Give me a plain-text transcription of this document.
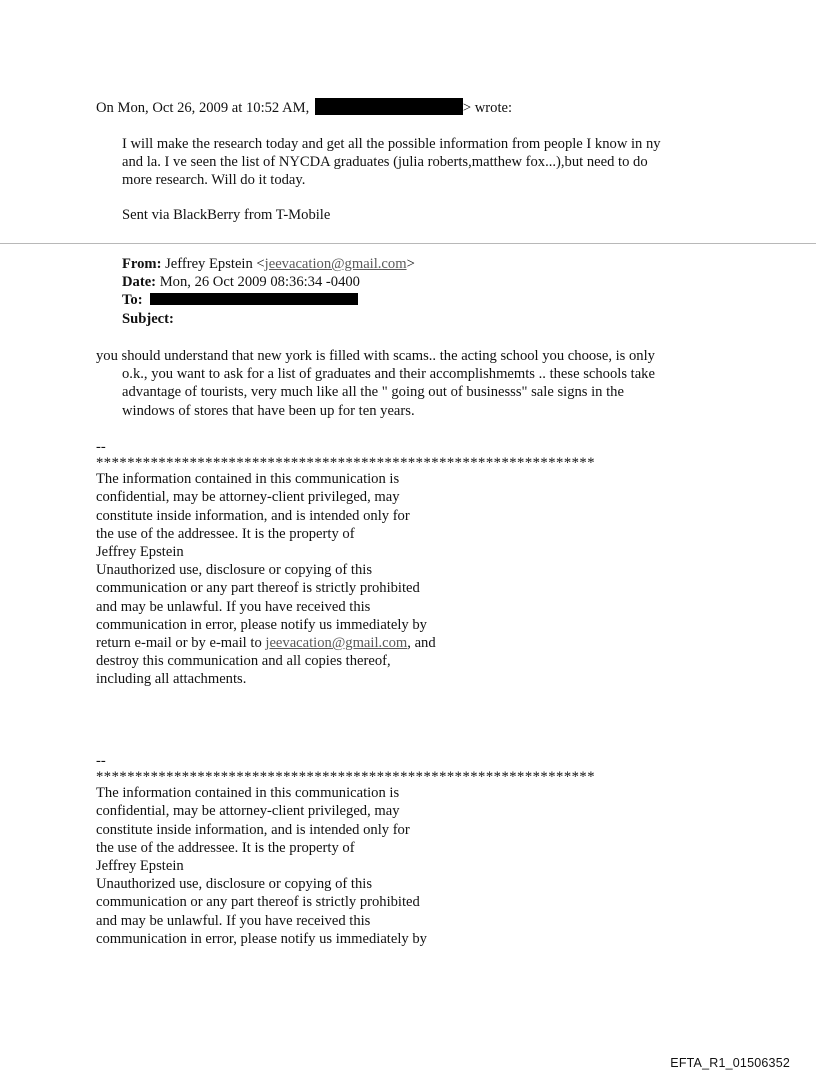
On Mon, Oct 26, 2009 at 10:52 AM,	> wrote:
I will make the research today and get all the possible information from people I know in ny
and la. I ve seen the list of NYCDA graduates (julia roberts,matthew fox...),but need to do
more research. Will do it today.
Sent via BlackBerry from T-Mobile
From: Jeffrey Epstein <jeevacation@gmail.com>
Date: Mon, 26 Oct 2009 08:36:34 -0400
To:
Subject:
you should understand that new york is filled with scams.. the acting school you choose, is only
o.k., you want to ask for a list of graduates and their accomplishmemts .. these schools take
advantage of tourists, very much like all the " going out of businesss" sale signs in the
windows of stores that have been up for ten years.
--
****************************************************************
The information contained in this communication is
confidential, may be attorney-client privileged, may
constitute inside information, and is intended only for
the use of the addressee. It is the property of
Jeffrey Epstein
Unauthorized use, disclosure or copying of this
communication or any part thereof is strictly prohibited
and may be unlawful. If you have received this
communication in error, please notify us immediately by
return e-mail or by e-mail to jeevacation@gmail.com, and
destroy this communication and all copies thereof,
including all attachments.
--
****************************************************************
The information contained in this communication is
confidential, may be attorney-client privileged, may
constitute inside information, and is intended only for
the use of the addressee. It is the property of
Jeffrey Epstein
Unauthorized use, disclosure or copying of this
communication or any part thereof is strictly prohibited
and may be unlawful. If you have received this
communication in error, please notify us immediately by
EFTA_R1_01506352
